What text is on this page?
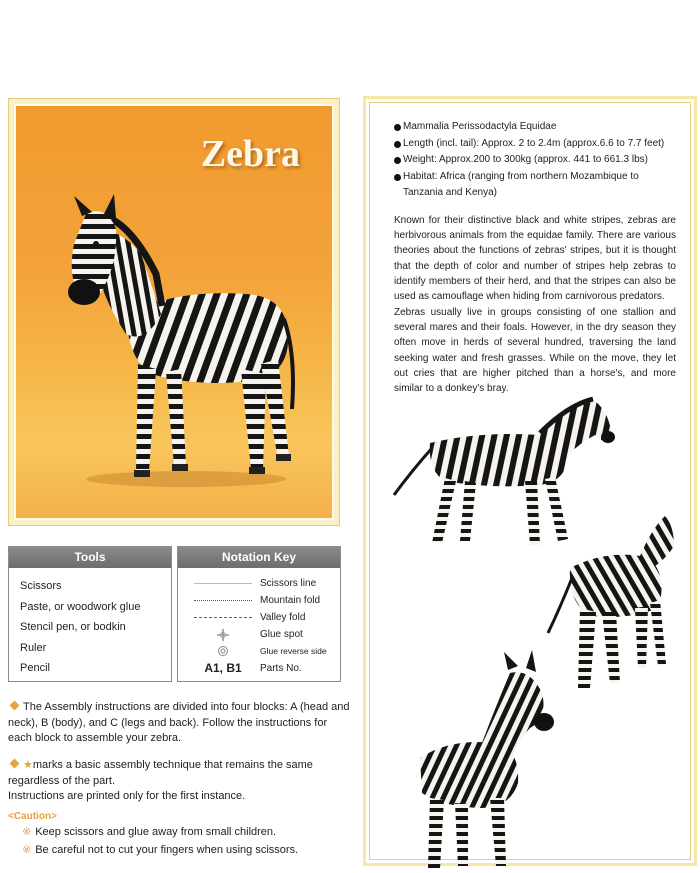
Zebra
Tools
Scissors
Paste, or woodwork glue
Stencil pen, or bodkin
Ruler
Pencil
Notation Key
Scissors line
Mountain fold
Valley fold
Glue spot
Glue reverse side
A1, B1	Parts No.
The Assembly instructions are divided into four blocks: A (head and neck), B (body), and C (legs and back). Follow the instructions for each block to assemble your zebra.
★marks a basic assembly technique that remains the same regardless of the part.
Instructions are printed only for the first instance.
<Caution>
※ Keep scissors and glue away from small children.
※ Be careful not to cut your fingers when using scissors.
Mammalia Perissodactyla Equidae
Length (incl. tail): Approx. 2 to 2.4m (approx.6.6 to 7.7 feet)
Weight: Approx.200 to 300kg (approx. 441 to 661.3 lbs)
Habitat: Africa (ranging from northern Mozambique to Tanzania and Kenya)
Known for their distinctive black and white stripes, zebras are herbivorous animals from the equidae family. There are various theories about the functions of zebras' stripes, but it is thought that the depth of color and number of stripes help zebras to identify members of their herd, and that the stripes can also be used as camouflage when hiding from carnivorous predators.
Zebras usually live in groups consisting of one stallion and several mares and their foals. However, in the dry season they often move in herds of several hundred, traversing the land seeking water and fresh grasses. While on the move, they let out cries that are higher pitched than a horse's, and more similar to a donkey's bray.
